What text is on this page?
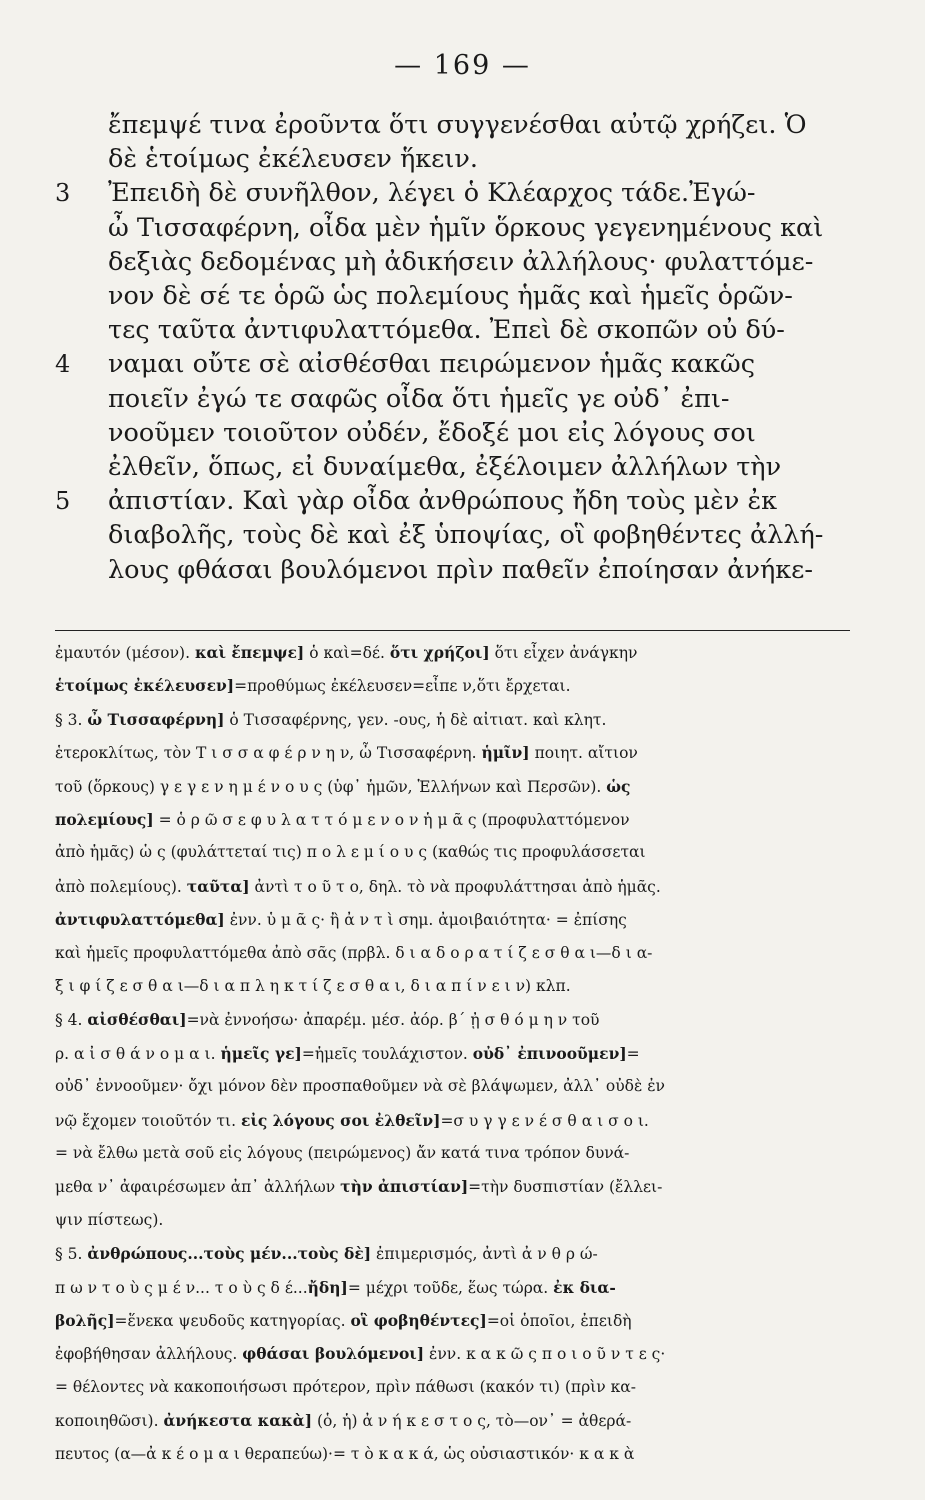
— 169 —
ἔπεμψέ τινα ἐροῦντα ὅτι συγγενέσθαι αὐτῷ χρήζει. Ὁ
δὲ ἑτοίμως ἐκέλευσεν ἥκειν.
3 Ἐπειδὴ δὲ συνῆλθον, λέγει ὁ Κλέαρχος τάδε.Ἐγώ-
ὦ Τισσαφέρνη, οἶδα μὲν ἡμῖν ὅρκους γεγενημένους καὶ
δεξιὰς δεδομένας μὴ ἀδικήσειν ἀλλήλους· φυλαττόμε-
νον δὲ σέ τε ὁρῶ ὡς πολεμίους ἡμᾶς καὶ ἡμεῖς ὁρῶν-
τες ταῦτα ἀντιφυλαττόμεθα. Ἐπεὶ δὲ σκοπῶν οὐ δύ-
4 ναμαι οὔτε σὲ αἰσθέσθαι πειρώμενον ἡμᾶς κακῶς
ποιεῖν ἐγώ τε σαφῶς οἶδα ὅτι ἡμεῖς γε οὐδ᾽ ἐπι-
νοοῦμεν τοιοῦτον οὐδέν, ἔδοξέ μοι εἰς λόγους σοι
ἐλθεῖν, ὅπως, εἰ δυναίμεθα, ἐξέλοιμεν ἀλλήλων τὴν
5 ἀπιστίαν. Καὶ γὰρ οἶδα ἀνθρώπους ἤδη τοὺς μὲν ἐκ
διαβολῆς, τοὺς δὲ καὶ ἐξ ὑποψίας, οἳ φοβηθέντες ἀλλή-
λους φθάσαι βουλόμενοι πρὶν παθεῖν ἐποίησαν ἀνήκε-
ἐμαυτόν (μέσον). καὶ ἔπεμψε] ὁ καὶ=δέ. ὅτι χρήζοι] ὅτι εἶχεν ἀνάγκην
ἑτοίμως ἐκέλευσεν]=προθύμως ἐκέλευσεν=εἶπε ν,ὅτι ἔρχεται.
§ 3. ὦ Τισσαφέρνη] ὁ Τισσαφέρνης, γεν. -ους, ἡ δὲ αἰτιατ. καὶ κλητ.
ἑτεροκλίτως, τὸν Τ ι σ σ α φ έ ρ ν η ν, ὦ Τισσαφέρνη. ἡμῖν] ποιητ. αἴτιον
τοῦ (ὅρκους) γ ε γ ε ν η μ έ ν ο υ ς (ὑφ᾽ ἡμῶν, Ἑλλήνων καὶ Περσῶν). ὡς
πολεμίους] = ὁ ρ ῶ σ ε φ υ λ α τ τ ό μ ε ν ο ν ἡ μ ᾶ ς (προφυλαττόμενον
ἀπὸ ἡμᾶς) ὡ ς (φυλάττεταί τις) π ο λ ε μ ί ο υ ς (καθώς τις προφυλάσσεται
ἀπὸ πολεμίους). ταῦτα] ἀντὶ τ ο ῦ τ ο, δηλ. τὸ νὰ προφυλάττησαι ἀπὸ ἡμᾶς.
ἀντιφυλαττόμεθα] ἐνν. ὑ μ ᾶ ς· ἢ ἀ ν τ ὶ σημ. ἀμοιβαιότητα· = ἐπίσης
καὶ ἡμεῖς προφυλαττόμεθα ἀπὸ σᾶς (πρβλ. δ ι α δ ο ρ α τ ί ζ ε σ θ α ι—δ ι α-
ξ ι φ ί ζ ε σ θ α ι—δ ι α π λ η κ τ ί ζ ε σ θ α ι, δ ι α π ί ν ε ι ν) κλπ.
§ 4. αἰσθέσθαι]=νὰ ἐννοήσω· ἀπαρέμ. μέσ. ἀόρ. β´ ᾐ σ θ ό μ η ν τοῦ
ρ. α ἰ σ θ ά ν ο μ α ι. ἡμεῖς γε]=ἡμεῖς τουλάχιστον. οὐδ᾽ ἐπινοοῦμεν]=
οὐδ᾽ ἐννοοῦμεν· ὄχι μόνον δὲν προσπαθοῦμεν νὰ σὲ βλάψωμεν, ἀλλ᾽ οὐδὲ ἐν
νῷ ἔχομεν τοιοῦτόν τι. εἰς λόγους σοι ἐλθεῖν]=σ υ γ γ ε ν έ σ θ α ι σ ο ι.
= νὰ ἔλθω μετὰ σοῦ εἰς λόγους (πειρώμενος) ἄν κατά τινα τρόπον δυνά-
μεθα ν᾽ ἀφαιρέσωμεν ἀπ᾽ ἀλλήλων τὴν ἀπιστίαν]=τὴν δυσπιστίαν (ἔλλει-
ψιν πίστεως).
§ 5. ἀνθρώπους...τοὺς μέν...τοὺς δὲ] ἐπιμερισμός, ἀντὶ ἀ ν θ ρ ώ-
π ω ν τ ο ὺ ς μ έ ν... τ ο ὺ ς δ έ...ἤδη]= μέχρι τοῦδε, ἕως τώρα. ἐκ δια-
βολῆς]=ἕνεκα ψευδοῦς κατηγορίας. οἳ φοβηθέντες]=οἱ ὁποῖοι, ἐπειδὴ
ἐφοβήθησαν ἀλλήλους. φθάσαι βουλόμενοι] ἐνν. κ α κ ῶ ς π ο ι ο ῦ ν τ ε ς·
= θέλοντες νὰ κακοποιήσωσι πρότερον, πρὶν πάθωσι (κακόν τι) (πρὶν κα-
κοποιηθῶσι). ἀνήκεστα κακὰ] (ὁ, ἡ) ἀ ν ή κ ε σ τ ο ς, τὸ—ον᾽ = ἀθερά-
πευτος (α—ἀ κ έ ο μ α ι θεραπεύω)·= τ ὸ κ α κ ά, ὡς οὐσιαστικόν· κ α κ ὰ
